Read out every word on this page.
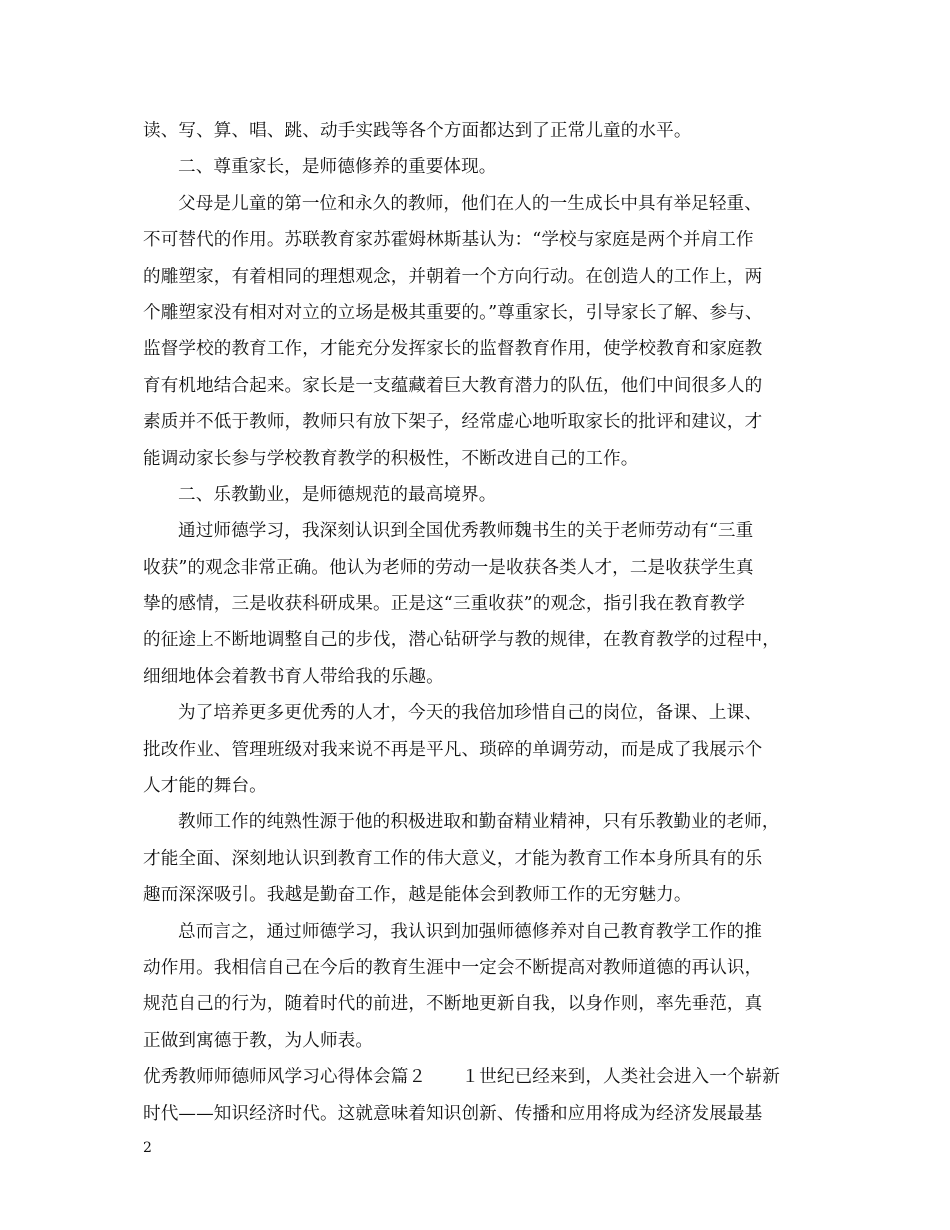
读、写、算、唱、跳、动手实践等各个方面都达到了正常儿童的水平。
二、尊重家长，是师德修养的重要体现。
父母是儿童的第一位和永久的教师，他们在人的一生成长中具有举足轻重、
不可替代的作用。苏联教育家苏霍姆林斯基认为：“学校与家庭是两个并肩工作
的雕塑家，有着相同的理想观念，并朝着一个方向行动。在创造人的工作上，两
个雕塑家没有相对对立的立场是极其重要的。”尊重家长，引导家长了解、参与、
监督学校的教育工作，才能充分发挥家长的监督教育作用，使学校教育和家庭教
育有机地结合起来。家长是一支蕴藏着巨大教育潜力的队伍，他们中间很多人的
素质并不低于教师，教师只有放下架子，经常虚心地听取家长的批评和建议，才
能调动家长参与学校教育教学的积极性，不断改进自己的工作。
二、乐教勤业，是师德规范的最高境界。
通过师德学习，我深刻认识到全国优秀教师魏书生的关于老师劳动有“三重
收获”的观念非常正确。他认为老师的劳动一是收获各类人才，二是收获学生真
挚的感情，三是收获科研成果。正是这“三重收获”的观念，指引我在教育教学
的征途上不断地调整自己的步伐，潜心钻研学与教的规律，在教育教学的过程中，
细细地体会着教书育人带给我的乐趣。
为了培养更多更优秀的人才，今天的我倍加珍惜自己的岗位，备课、上课、
批改作业、管理班级对我来说不再是平凡、琐碎的单调劳动，而是成了我展示个
人才能的舞台。
教师工作的纯熟性源于他的积极进取和勤奋精业精神，只有乐教勤业的老师，
才能全面、深刻地认识到教育工作的伟大意义，才能为教育工作本身所具有的乐
趣而深深吸引。我越是勤奋工作，越是能体会到教师工作的无穷魅力。
总而言之，通过师德学习，我认识到加强师德修养对自己教育教学工作的推
动作用。我相信自己在今后的教育生涯中一定会不断提高对教师道德的再认识，
规范自己的行为，随着时代的前进，不断地更新自我，以身作则，率先垂范，真
正做到寓德于教，为人师表。
优秀教师师德师风学习心得体会篇２　　１世纪已经来到，人类社会进入一个崭新
时代——知识经济时代。这就意味着知识创新、传播和应用将成为经济发展最基
2
